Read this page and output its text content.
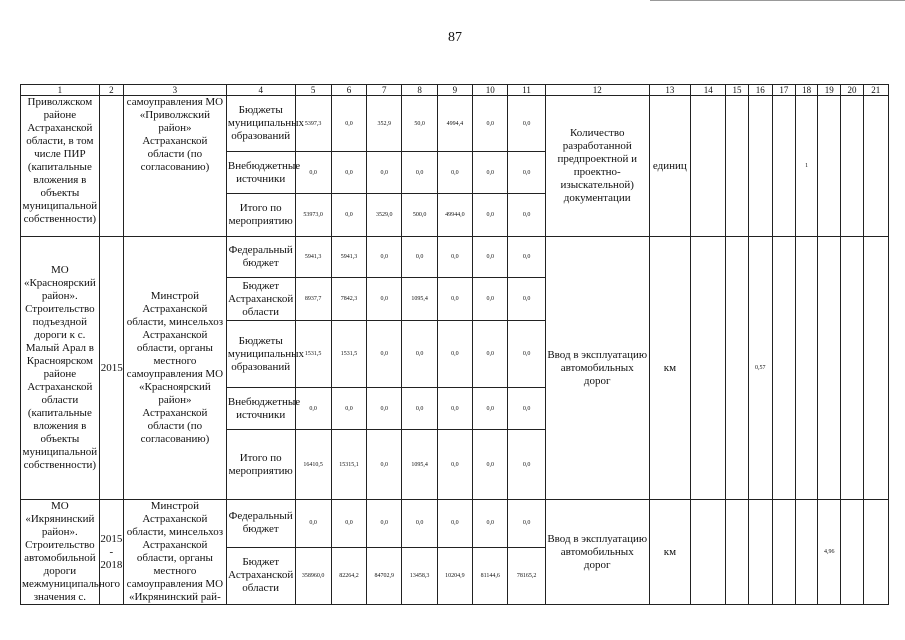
87
1	2	3	4	5	6	7	8	9	10	11	12	13	14	15	16	17	18	19	20	21
Приволжском районе Астраханской области, в том числе ПИР (капитальные вложения в объекты муниципальной собственности)		самоуправления МО «Приволжский район» Астраханской области (по согласованию)	Бюджеты муниципальных образований	5397,3	0,0	352,9	50,0	4994,4	0,0	0,0	Количество разработанной предпроектной и проектно-изыскательной) документации	единиц					1			
			Внебюджетные источники	0,0	0,0	0,0	0,0	0,0	0,0	0,0										
			Итого по мероприятию	53973,0	0,0	3529,0	500,0	49944,0	0,0	0,0										
МО «Красноярский район». Строительство подъездной дороги к с. Малый Арал в Красноярском районе Астраханской области (капитальные вложения в объекты муниципальной собственности)	2015	Минстрой Астраханской области, минсельхоз Астраханской области, органы местного самоуправления МО «Красноярский район» Астраханской области (по согласованию)	Федеральный бюджет	5941,3	5941,3	0,0	0,0	0,0	0,0	0,0	Ввод в эксплуатацию автомобильных дорог	км			0,57					
			Бюджет Астраханской области	8937,7	7842,3	0,0	1095,4	0,0	0,0	0,0										
			Бюджеты муниципальных образований	1531,5	1531,5	0,0	0,0	0,0	0,0	0,0										
			Внебюджетные источники	0,0	0,0	0,0	0,0	0,0	0,0	0,0										
			Итого по мероприятию	16410,5	15315,1	0,0	1095,4	0,0	0,0	0,0										
МО «Икрянинский район». Строительство автомобильной дороги межмуниципального значения с.	2015
-
2018	Минстрой Астраханской области, минсельхоз Астраханской области, органы местного самоуправления МО «Икрянинский рай-	Федеральный бюджет	0,0	0,0	0,0	0,0	0,0	0,0	0,0	Ввод в эксплуатацию автомобильных дорог	км						4,96		
			Бюджет Астраханской области	358960,0	82264,2	84702,9	13458,3	10204,9	81144,6	78165,2										
